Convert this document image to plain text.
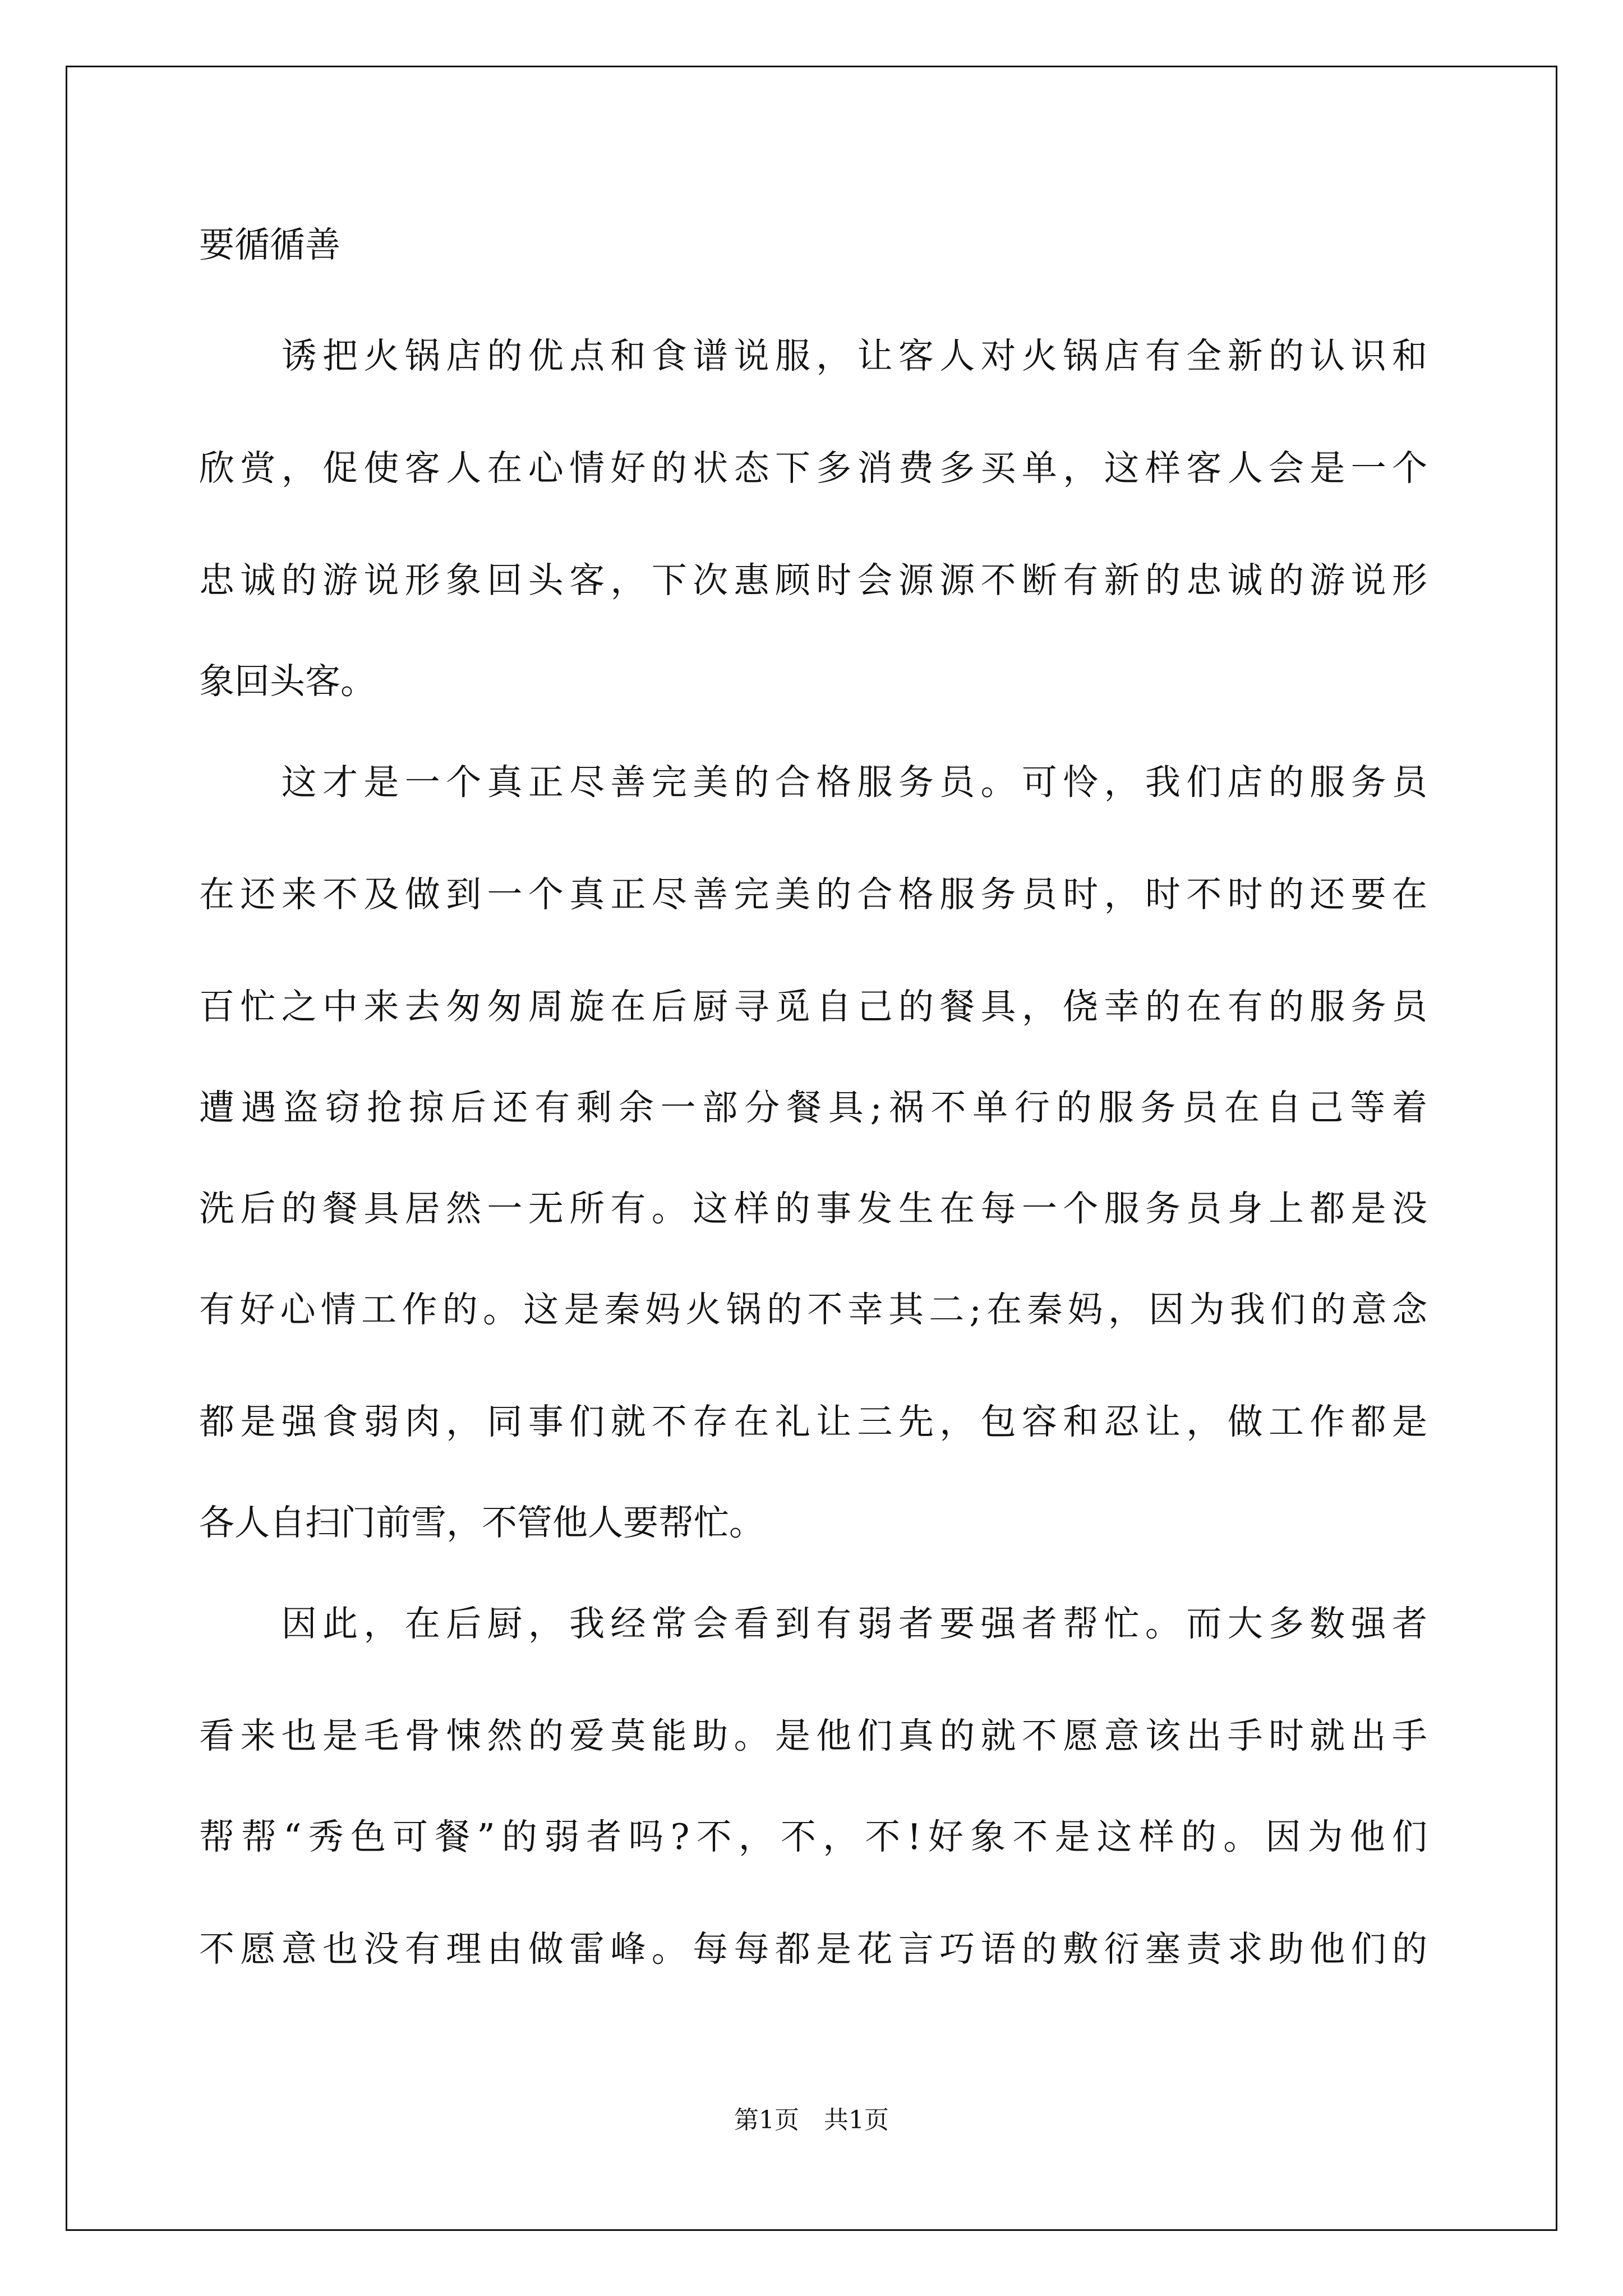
要循循善
　　诱把火锅店的优点和食谱说服，让客人对火锅店有全新的认识和
欣赏，促使客人在心情好的状态下多消费多买单，这样客人会是一个
忠诚的游说形象回头客，下次惠顾时会源源不断有新的忠诚的游说形
象回头客。
　　这才是一个真正尽善完美的合格服务员。可怜，我们店的服务员
在还来不及做到一个真正尽善完美的合格服务员时，时不时的还要在
百忙之中来去匆匆周旋在后厨寻觅自己的餐具，侥幸的在有的服务员
遭遇盗窃抢掠后还有剩余一部分餐具;祸不单行的服务员在自己等着
洗后的餐具居然一无所有。这样的事发生在每一个服务员身上都是没
有好心情工作的。这是秦妈火锅的不幸其二;在秦妈，因为我们的意念
都是强食弱肉，同事们就不存在礼让三先，包容和忍让，做工作都是
各人自扫门前雪，不管他人要帮忙。
　　因此，在后厨，我经常会看到有弱者要强者帮忙。而大多数强者
看来也是毛骨悚然的爱莫能助。是他们真的就不愿意该出手时就出手
帮帮“秀色可餐”的弱者吗?不，不，不!好象不是这样的。因为他们
不愿意也没有理由做雷峰。每每都是花言巧语的敷衍塞责求助他们的
第1页　共1页
